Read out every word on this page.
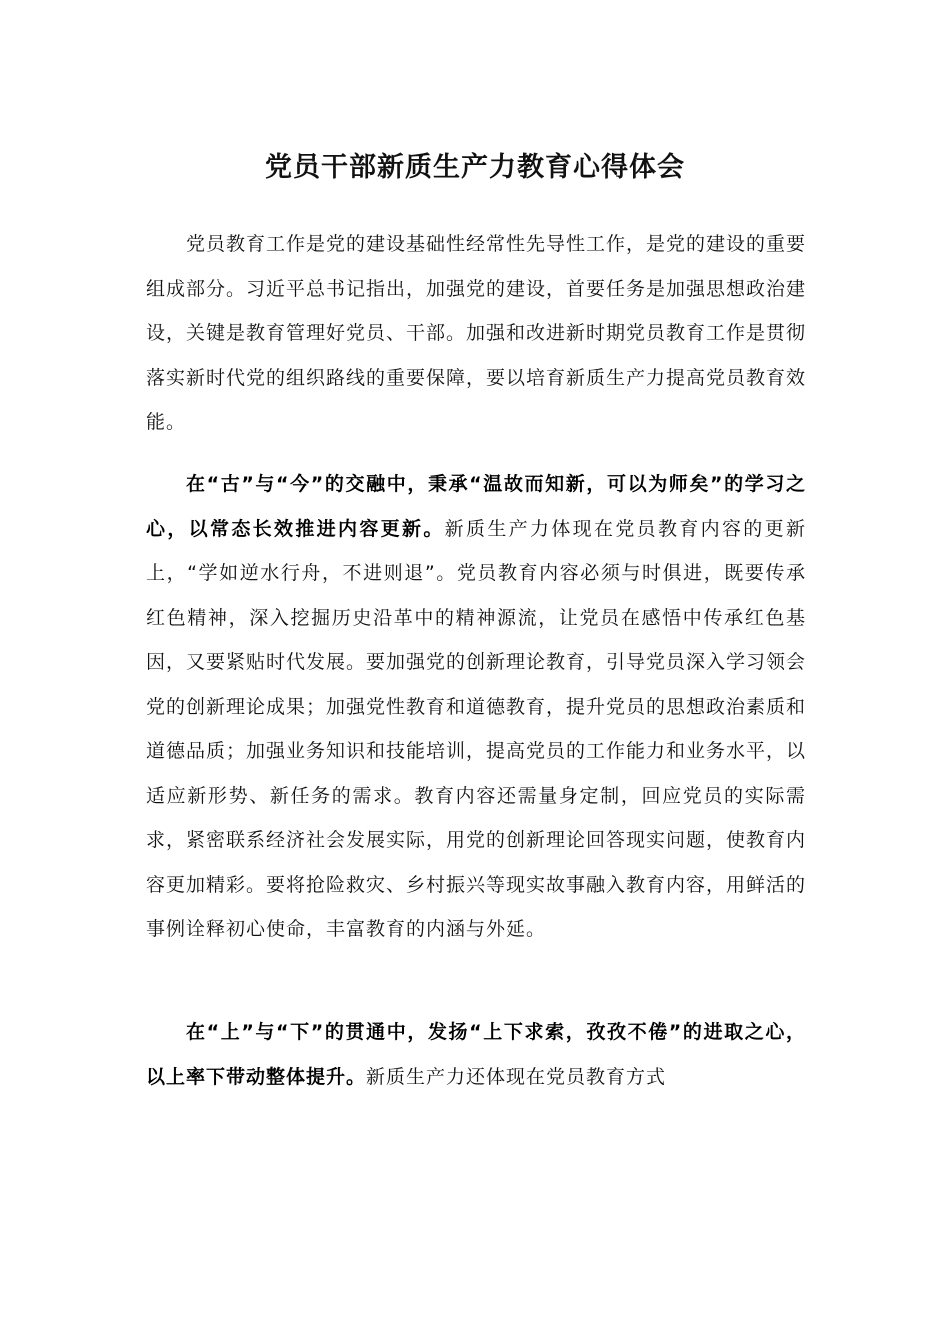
党员干部新质生产力教育心得体会

党员教育工作是党的建设基础性经常性先导性工作，是党的建设的重要组成部分。习近平总书记指出，加强党的建设，首要任务是加强思想政治建设，关键是教育管理好党员、干部。加强和改进新时期党员教育工作是贯彻落实新时代党的组织路线的重要保障，要以培育新质生产力提高党员教育效能。

在“古”与“今”的交融中，秉承“温故而知新，可以为师矣”的学习之心，以常态长效推进内容更新。新质生产力体现在党员教育内容的更新上，“学如逆水行舟，不进则退”。党员教育内容必须与时俱进，既要传承红色精神，深入挖掘历史沿革中的精神源流，让党员在感悟中传承红色基因，又要紧贴时代发展。要加强党的创新理论教育，引导党员深入学习领会党的创新理论成果；加强党性教育和道德教育，提升党员的思想政治素质和道德品质；加强业务知识和技能培训，提高党员的工作能力和业务水平，以适应新形势、新任务的需求。教育内容还需量身定制，回应党员的实际需求，紧密联系经济社会发展实际，用党的创新理论回答现实问题，使教育内容更加精彩。要将抢险救灾、乡村振兴等现实故事融入教育内容，用鲜活的事例诠释初心使命，丰富教育的内涵与外延。

在“上”与“下”的贯通中，发扬“上下求索，孜孜不倦”的进取之心，以上率下带动整体提升。新质生产力还体现在党员教育方式
